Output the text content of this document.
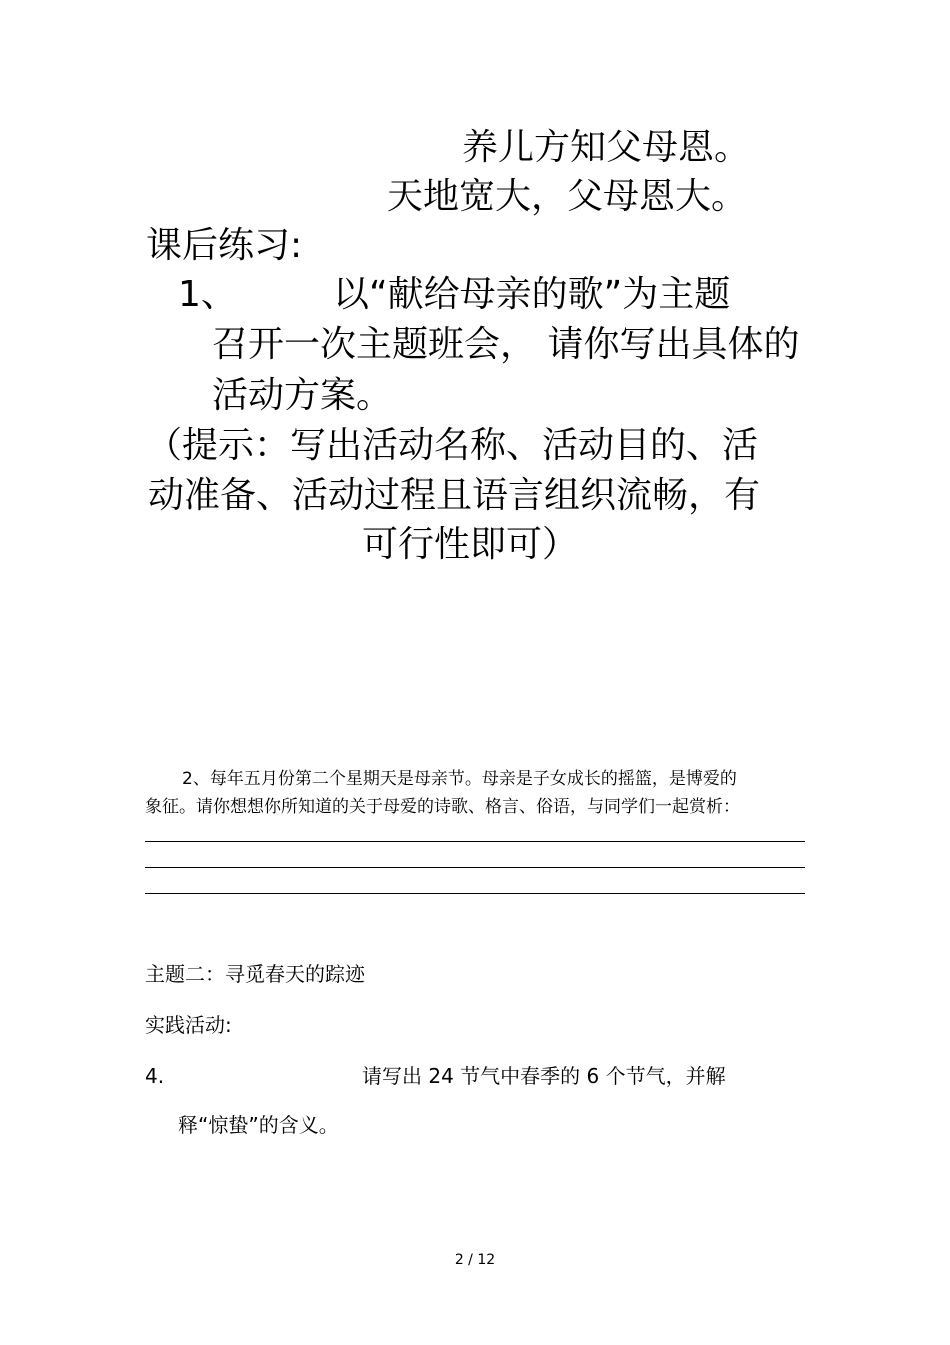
养儿方知父母恩。
天地宽大，父母恩大。
课后练习:
1、	以“献给母亲的歌”为主题
召开一次主题班会， 请你写出具体的
活动方案。
（提示：写出活动名称、活动目的、活
动准备、活动过程且语言组织流畅，有
可行性即可）
2、每年五月份第二个星期天是母亲节。母亲是子女成长的摇篮，是博爱的
象征。请你想想你所知道的关于母爱的诗歌、格言、俗语，与同学们一起赏析：
主题二：寻觅春天的踪迹
实践活动:
4.	请写出 24 节气中春季的 6 个节气，并解
释“惊蛰”的含义。
2 / 12
